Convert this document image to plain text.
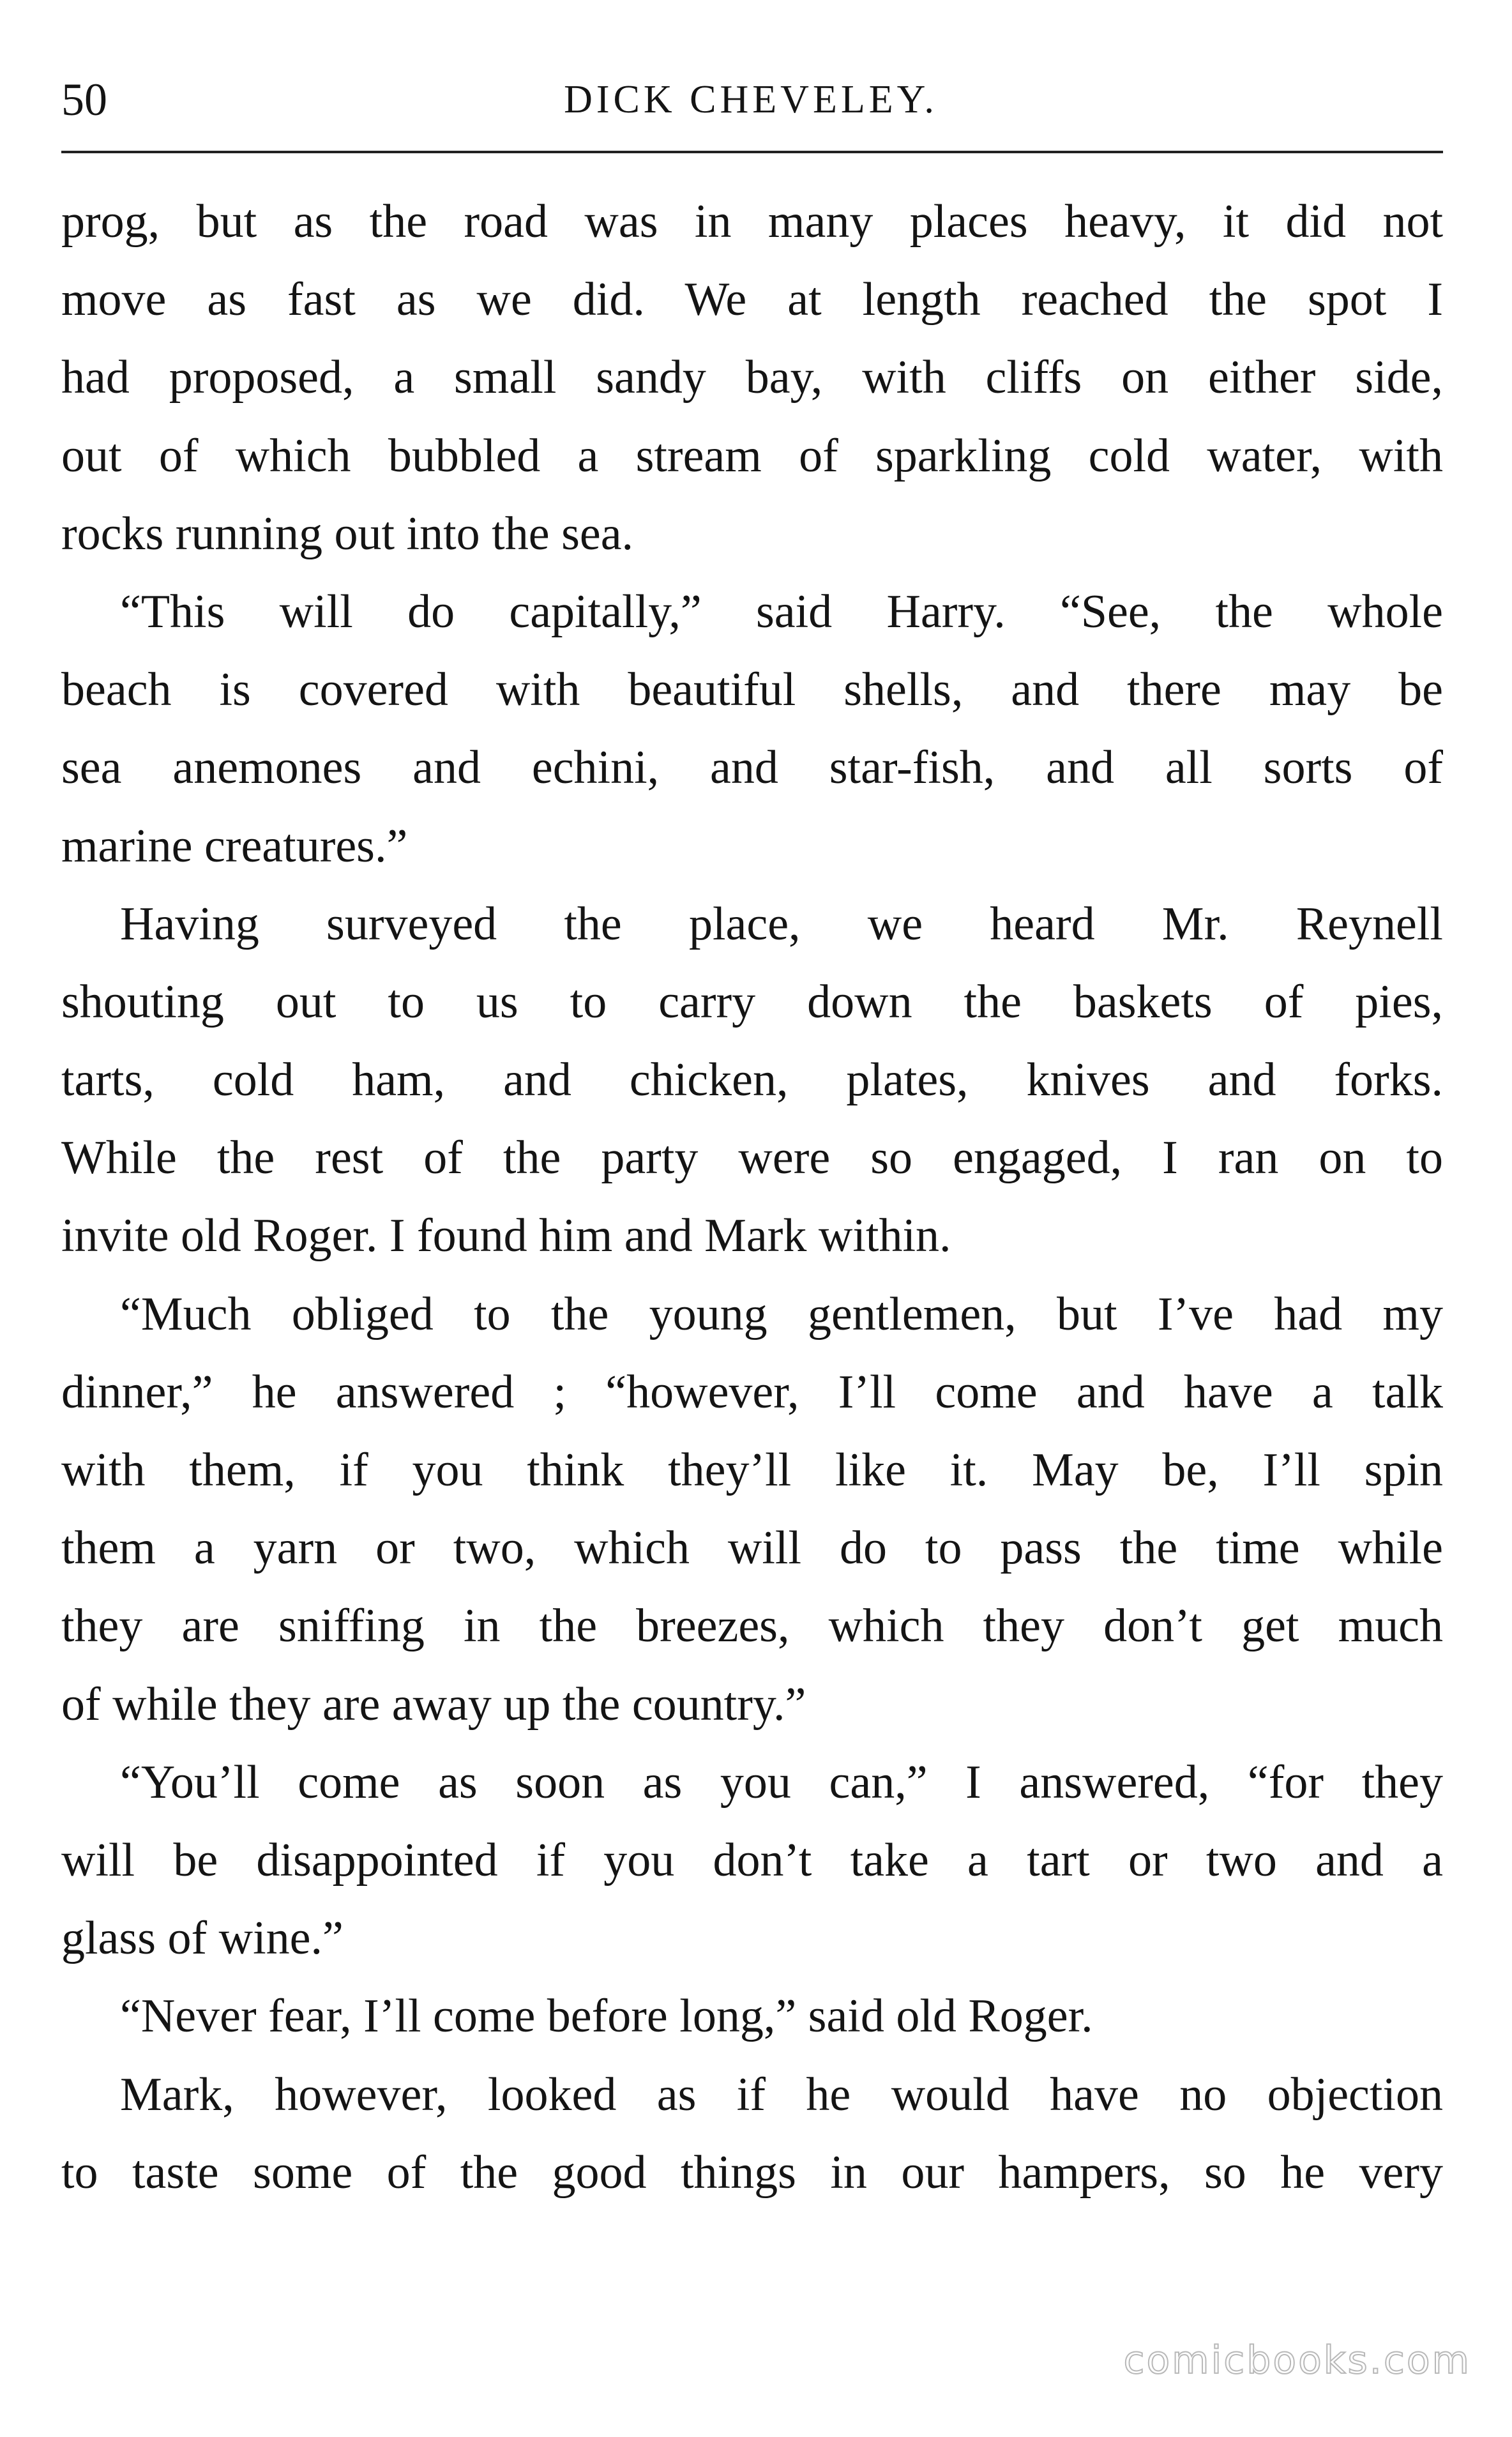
50	DICK CHEVELEY.
prog, but as the road was in many places heavy, it did not
move as fast as we did. We at length reached the spot I
had proposed, a small sandy bay, with cliffs on either side,
out of which bubbled a stream of sparkling cold water, with
rocks running out into the sea.
“This will do capitally,” said Harry. “See, the whole
beach is covered with beautiful shells, and there may be
sea anemones and echini, and star-fish, and all sorts of
marine creatures.”
Having surveyed the place, we heard Mr. Reynell
shouting out to us to carry down the baskets of pies,
tarts, cold ham, and chicken, plates, knives and forks.
While the rest of the party were so engaged, I ran on to
invite old Roger. I found him and Mark within.
“Much obliged to the young gentlemen, but I’ve had my
dinner,” he answered ; “however, I’ll come and have a talk
with them, if you think they’ll like it. May be, I’ll spin
them a yarn or two, which will do to pass the time while
they are sniffing in the breezes, which they don’t get much
of while they are away up the country.”
“You’ll come as soon as you can,” I answered, “for they
will be disappointed if you don’t take a tart or two and a
glass of wine.”
“Never fear, I’ll come before long,” said old Roger.
Mark, however, looked as if he would have no objection
to taste some of the good things in our hampers, so he very
comicbooks.com
